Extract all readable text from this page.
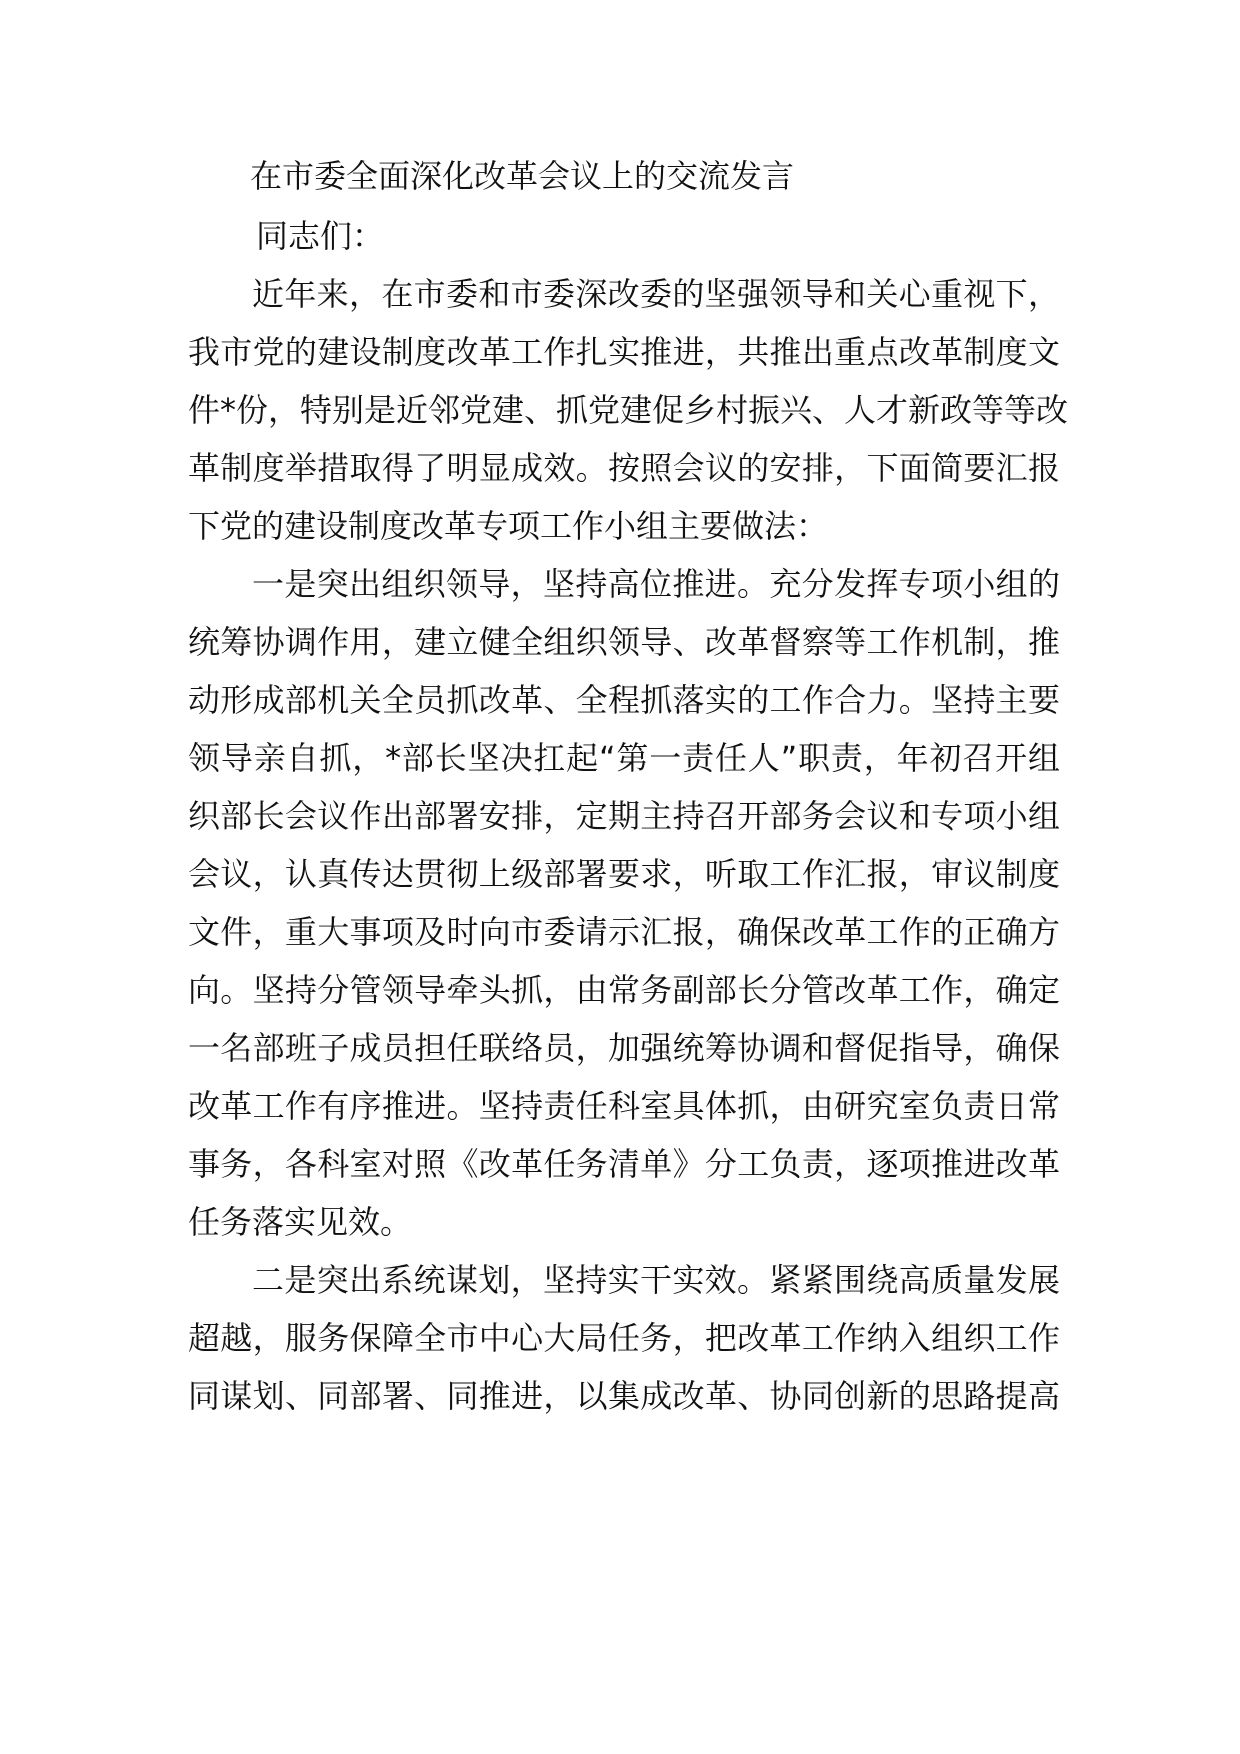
在市委全面深化改革会议上的交流发言
同志们：
近年来，在市委和市委深改委的坚强领导和关心重视下，
我市党的建设制度改革工作扎实推进，共推出重点改革制度文
件*份，特别是近邻党建、抓党建促乡村振兴、人才新政等等改
革制度举措取得了明显成效。按照会议的安排，下面简要汇报
下党的建设制度改革专项工作小组主要做法：
一是突出组织领导，坚持高位推进。充分发挥专项小组的
统筹协调作用，建立健全组织领导、改革督察等工作机制，推
动形成部机关全员抓改革、全程抓落实的工作合力。坚持主要
领导亲自抓，*部长坚决扛起“第一责任人”职责，年初召开组
织部长会议作出部署安排，定期主持召开部务会议和专项小组
会议，认真传达贯彻上级部署要求，听取工作汇报，审议制度
文件，重大事项及时向市委请示汇报，确保改革工作的正确方
向。坚持分管领导牵头抓，由常务副部长分管改革工作，确定
一名部班子成员担任联络员，加强统筹协调和督促指导，确保
改革工作有序推进。坚持责任科室具体抓，由研究室负责日常
事务，各科室对照《改革任务清单》分工负责，逐项推进改革
任务落实见效。
二是突出系统谋划，坚持实干实效。紧紧围绕高质量发展
超越，服务保障全市中心大局任务，把改革工作纳入组织工作
同谋划、同部署、同推进，以集成改革、协同创新的思路提高
